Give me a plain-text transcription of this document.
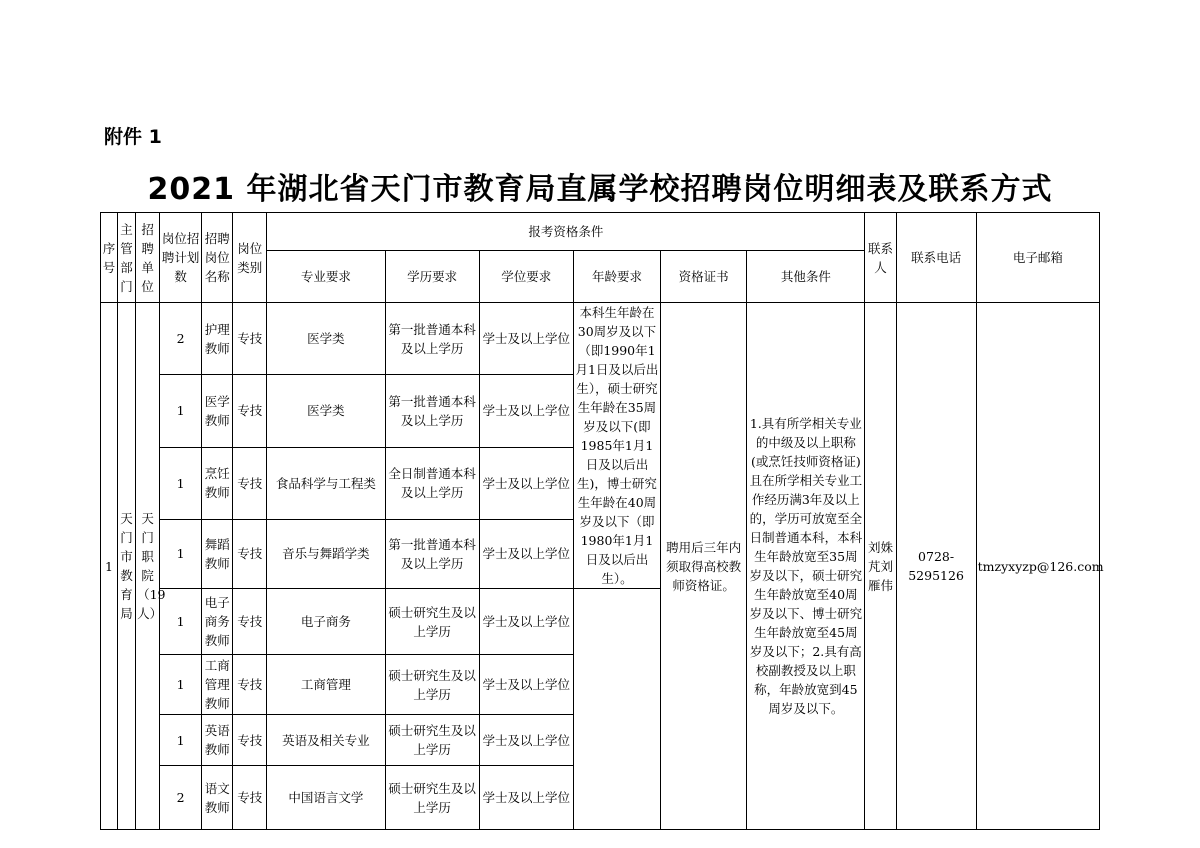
附件 1
2021 年湖北省天门市教育局直属学校招聘岗位明细表及联系方式
序号	主管部门	招聘单位	岗位招聘计划数	招聘岗位名称	岗位类别	报考资格条件						联系人	联系电话	电子邮箱
						专业要求	学历要求	学位要求	年龄要求	资格证书	其他条件			
1	天门市教育局	天门职院（19人）	2	护理教师	专技	医学类	第一批普通本科及以上学历	学士及以上学位	本科生年龄在30周岁及以下（即1990年1月1日及以后出生），硕士研究生年龄在35周岁及以下(即1985年1月1日及以后出生)，博士研究生年龄在40周岁及以下（即1980年1月1日及以后出生）。	聘用后三年内须取得高校教师资格证。	1.具有所学相关专业的中级及以上职称(或烹饪技师资格证)且在所学相关专业工作经历满3年及以上的，学历可放宽至全日制普通本科，本科生年龄放宽至35周岁及以下，硕士研究生年龄放宽至40周岁及以下、博士研究生年龄放宽至45周岁及以下；2.具有高校副教授及以上职称，年龄放宽到45周岁及以下。	刘姝芃刘雁伟	0728-5295126	tmzyxyzp@126.com
			1	医学教师	专技	医学类	第一批普通本科及以上学历	学士及以上学位						
			1	烹饪教师	专技	食品科学与工程类	全日制普通本科及以上学历	学士及以上学位						
			1	舞蹈教师	专技	音乐与舞蹈学类	第一批普通本科及以上学历	学士及以上学位						
			1	电子商务教师	专技	电子商务	硕士研究生及以上学历	学士及以上学位						
			1	工商管理教师	专技	工商管理	硕士研究生及以上学历	学士及以上学位						
			1	英语教师	专技	英语及相关专业	硕士研究生及以上学历	学士及以上学位						
			2	语文教师	专技	中国语言文学	硕士研究生及以上学历	学士及以上学位						
